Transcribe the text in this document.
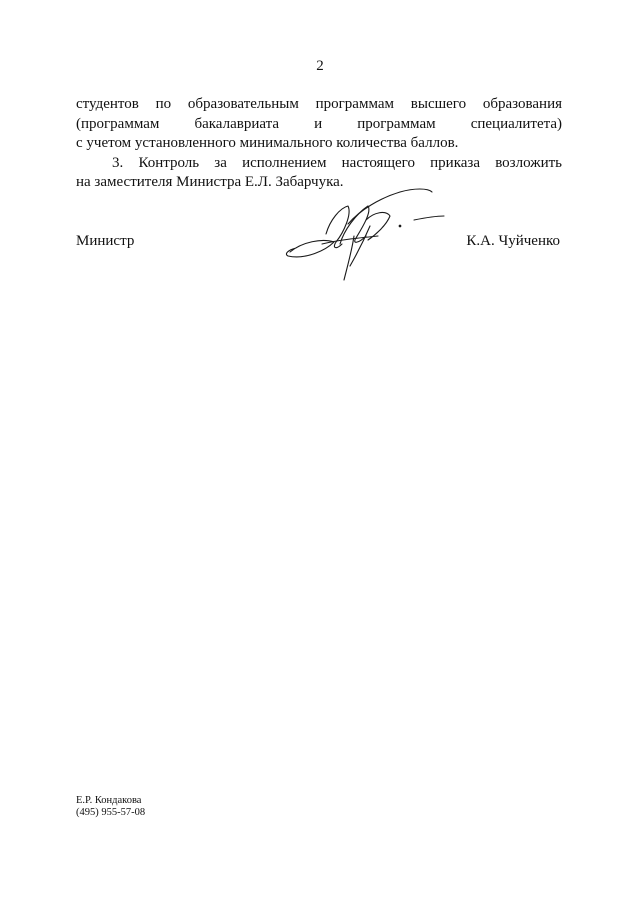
2
студентов по образовательным программам высшего образования
(программам бакалавриата и программам специалитета)
с учетом установленного минимального количества баллов.
3. Контроль за исполнением настоящего приказа возложить
на заместителя Министра Е.Л. Забарчука.
Министр	К.А. Чуйченко
Е.Р. Кондакова
(495) 955-57-08
